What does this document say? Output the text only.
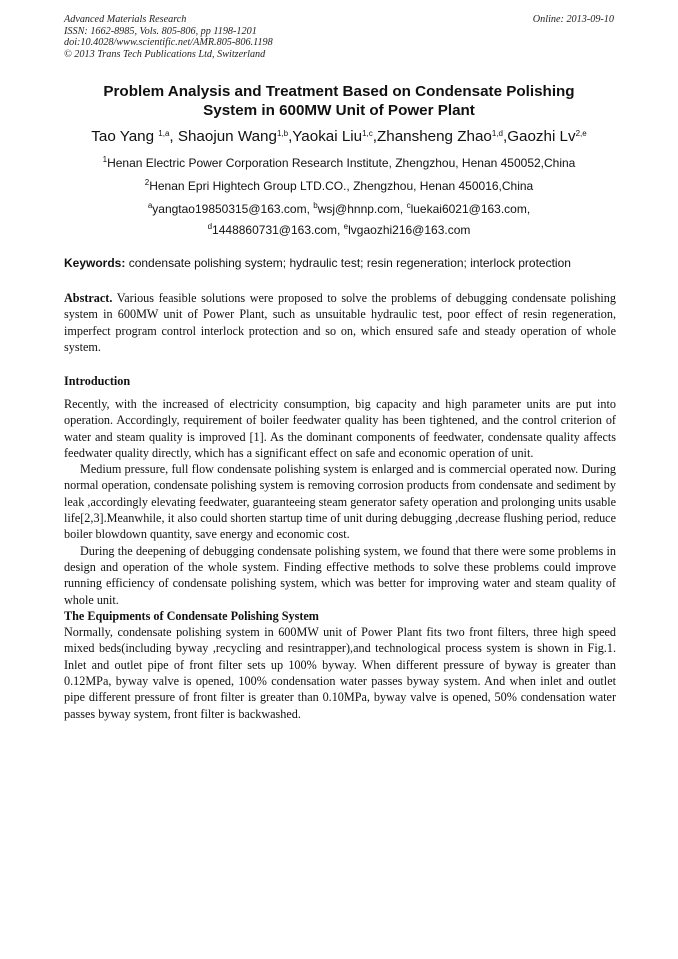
Advanced Materials Research
ISSN: 1662-8985, Vols. 805-806, pp 1198-1201
doi:10.4028/www.scientific.net/AMR.805-806.1198
© 2013 Trans Tech Publications Ltd, Switzerland
Online: 2013-09-10
Problem Analysis and Treatment Based on Condensate Polishing
System in 600MW Unit of Power Plant
Tao Yang $^{1,a}$, Shaojun Wang$^{1,b}$,Yaokai Liu$^{1,c}$,Zhansheng Zhao$^{1,d}$,Gaozhi Lv$^{2,e}$
$^1$Henan Electric Power Corporation Research Institute, Zhengzhou, Henan 450052,China
$^2$Henan Epri Hightech Group LTD.CO., Zhengzhou, Henan 450016,China
$^a$yangtao19850315@163.com, $^b$wsj@hnnp.com, $^c$luekai6021@163.com,
$^d$1448860731@163.com, $^e$lvgaozhi216@163.com
Keywords: condensate polishing system; hydraulic test; resin regeneration; interlock protection
Abstract. Various feasible solutions were proposed to solve the problems of debugging condensate polishing system in 600MW unit of Power Plant, such as unsuitable hydraulic test, poor effect of resin regeneration, imperfect program control interlock protection and so on, which ensured safe and steady operation of whole system.
Introduction
Recently, with the increased of electricity consumption, big capacity and high parameter units are put into operation. Accordingly, requirement of boiler feedwater quality has been tightened, and the control criterion of water and steam quality is improved [1]. As the dominant components of feedwater, condensate quality affects feedwater quality directly, which has a significant effect on safe and economic operation of unit.
Medium pressure, full flow condensate polishing system is enlarged and is commercial operated now. During normal operation, condensate polishing system is removing corrosion products from condensate and sediment by leak ,accordingly elevating feedwater, guaranteeing steam generator safety operation and prolonging units usable life[2,3].Meanwhile, it also could shorten startup time of unit during debugging ,decrease flushing period, reduce boiler blowdown quantity, save energy and economic cost.
During the deepening of debugging condensate polishing system, we found that there were some problems in design and operation of the whole system. Finding effective methods to solve these problems could improve running efficiency of condensate polishing system, which was better for improving water and steam quality of whole unit.
The Equipments of Condensate Polishing System
Normally, condensate polishing system in 600MW unit of Power Plant fits two front filters, three high speed mixed beds(including byway ,recycling and resintrapper),and technological process system is shown in Fig.1. Inlet and outlet pipe of front filter sets up 100% byway. When different pressure of byway is greater than 0.12MPa, byway valve is opened, 100% condensation water passes byway system. And when inlet and outlet pipe different pressure of front filter is greater than 0.10MPa, byway valve is opened, 50% condensation water passes byway system, front filter is backwashed.
